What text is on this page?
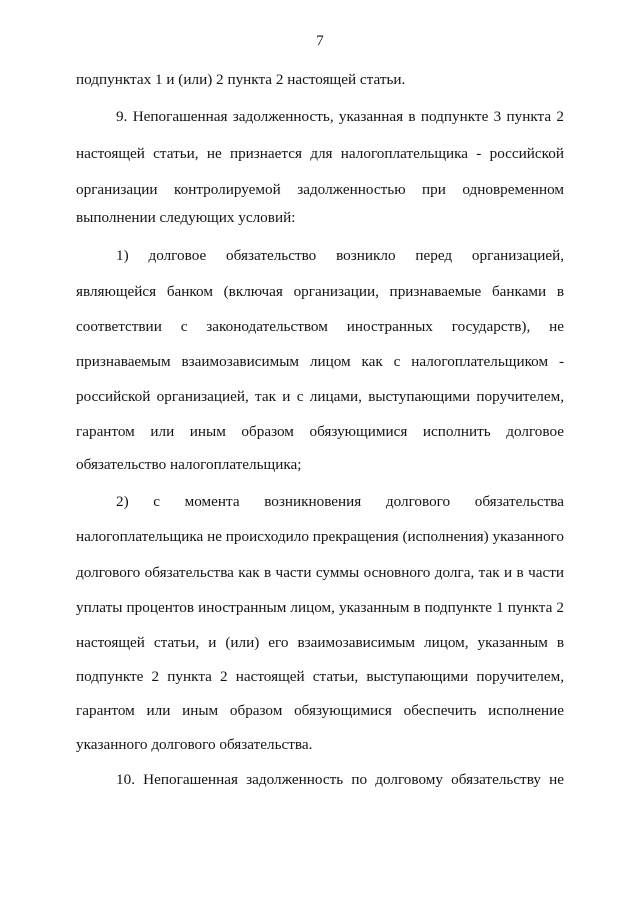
7
подпунктах 1 и (или) 2 пункта 2 настоящей статьи.
9. Непогашенная задолженность, указанная в подпункте 3 пункта 2
настоящей статьи, не признается для налогоплательщика - российской
организации контролируемой задолженностью при одновременном
выполнении следующих условий:
1) долговое обязательство возникло перед организацией,
являющейся банком (включая организации, признаваемые банками в
соответствии с законодательством иностранных государств), не
признаваемым взаимозависимым лицом как с налогоплательщиком -
российской организацией, так и с лицами, выступающими поручителем,
гарантом или иным образом обязующимися исполнить долговое
обязательство налогоплательщика;
2) с момента возникновения долгового обязательства
налогоплательщика не происходило прекращения (исполнения) указанного
долгового обязательства как в части суммы основного долга, так и в части
уплаты процентов иностранным лицом, указанным в подпункте 1 пункта 2
настоящей статьи, и (или) его взаимозависимым лицом, указанным в
подпункте 2 пункта 2 настоящей статьи, выступающими поручителем,
гарантом или иным образом обязующимися обеспечить исполнение
указанного долгового обязательства.
10. Непогашенная задолженность по долговому обязательству не
